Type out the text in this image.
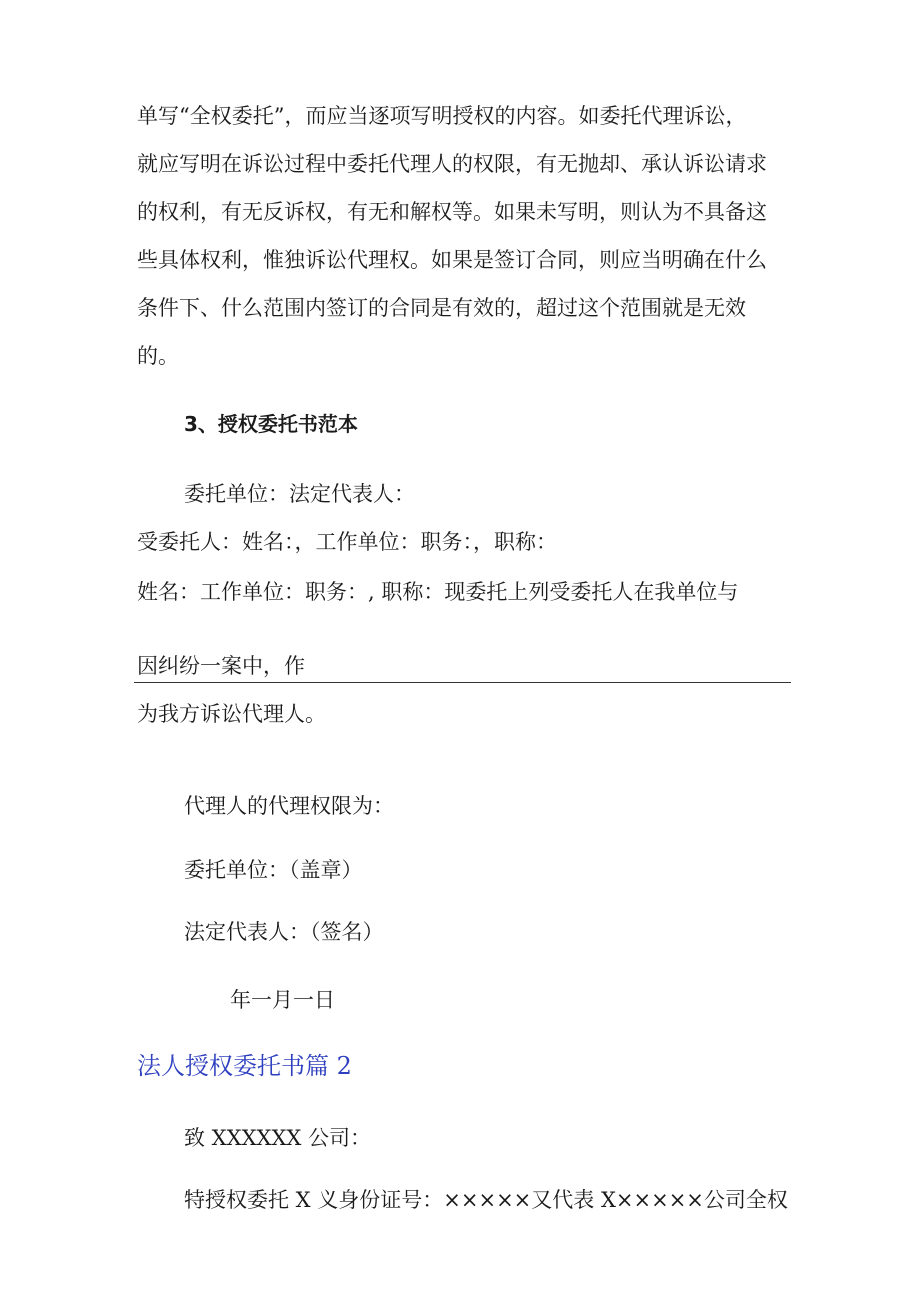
单写“全权委托”，而应当逐项写明授权的内容。如委托代理诉讼，
就应写明在诉讼过程中委托代理人的权限，有无抛却、承认诉讼请求
的权利，有无反诉权，有无和解权等。如果未写明，则认为不具备这
些具体权利，惟独诉讼代理权。如果是签订合同，则应当明确在什么
条件下、什么范围内签订的合同是有效的，超过这个范围就是无效
的。
3、授权委托书范本
委托单位：法定代表人：
受委托人：姓名：，工作单位：职务：，职称：
姓名：工作单位：职务：, 职称：现委托上列受委托人在我单位与
因纠纷一案中，作
为我方诉讼代理人。
代理人的代理权限为：
委托单位：（盖章）
法定代表人：（签名）
年一月一日
法人授权委托书篇 2
致 XXXXXX 公司：
特授权委托 X 义身份证号：×××××又代表 X×××××公司全权
